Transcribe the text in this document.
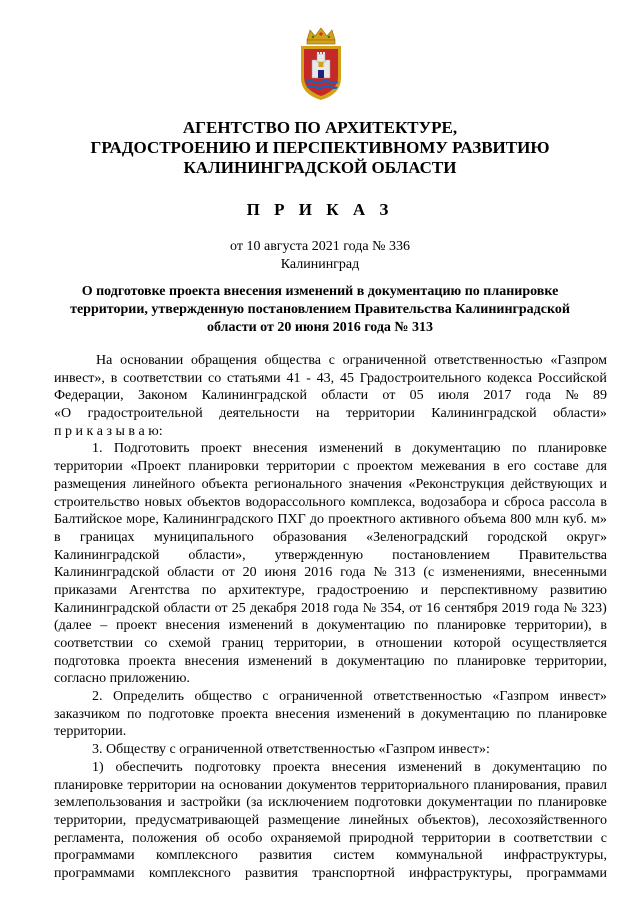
АГЕНТСТВО ПО АРХИТЕКТУРЕ,
ГРАДОСТРОЕНИЮ И ПЕРСПЕКТИВНОМУ РАЗВИТИЮ
КАЛИНИНГРАДСКОЙ ОБЛАСТИ
П Р И К А З
от 10 августа 2021 года № 336
Калининград
О подготовке проекта внесения изменений в документацию по планировке
территории, утвержденную постановлением Правительства Калининградской
области от 20 июня 2016 года № 313
На основании обращения общества с ограниченной ответственностью «Газпром
инвест», в соответствии со статьями 41 - 43, 45 Градостроительного кодекса Российской
Федерации, Законом Калининградской области от 05 июля 2017 года № 89
«О градостроительной деятельности на территории Калининградской области»
п р и к а з ы в а ю:
1. Подготовить проект внесения изменений в документацию по планировке
территории «Проект планировки территории с проектом межевания в его составе для
размещения линейного объекта регионального значения «Реконструкция действующих и
строительство новых объектов водорассольного комплекса, водозабора и сброса рассола в
Балтийское море, Калининградского ПХГ до проектного активного объема 800 млн куб. м»
в границах муниципального образования «Зеленоградский городской округ»
Калининградской области», утвержденную постановлением Правительства
Калининградской области от 20 июня 2016 года № 313 (с изменениями, внесенными
приказами Агентства по архитектуре, градостроению и перспективному развитию
Калининградской области от 25 декабря 2018 года № 354, от 16 сентября 2019 года № 323)
(далее – проект внесения изменений в документацию по планировке территории), в
соответствии со схемой границ территории, в отношении которой осуществляется
подготовка проекта внесения изменений в документацию по планировке территории,
согласно приложению.
2. Определить общество с ограниченной ответственностью «Газпром инвест»
заказчиком по подготовке проекта внесения изменений в документацию по планировке
территории.
3. Обществу с ограниченной ответственностью «Газпром инвест»:
1) обеспечить подготовку проекта внесения изменений в документацию по
планировке территории на основании документов территориального планирования, правил
землепользования и застройки (за исключением подготовки документации по планировке
территории, предусматривающей размещение линейных объектов), лесохозяйственного
регламента, положения об особо охраняемой природной территории в соответствии с
программами комплексного развития систем коммунальной инфраструктуры,
программами комплексного развития транспортной инфраструктуры, программами
